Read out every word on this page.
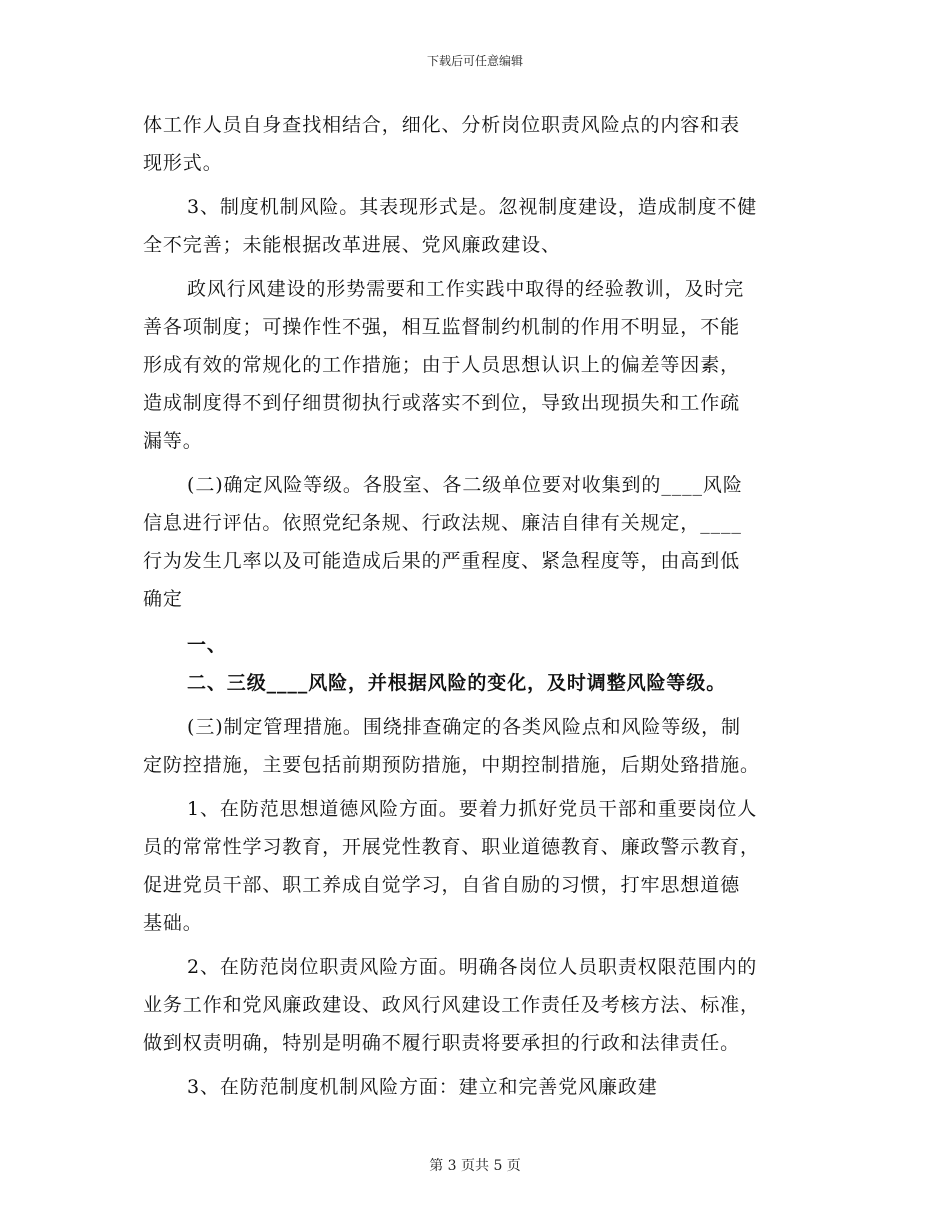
下载后可任意编辑
体工作人员自身查找相结合，细化、分析岗位职责风险点的内容和表
现形式。
3、制度机制风险。其表现形式是。忽视制度建设，造成制度不健
全不完善；未能根据改革进展、党风廉政建设、
政风行风建设的形势需要和工作实践中取得的经验教训，及时完
善各项制度；可操作性不强，相互监督制约机制的作用不明显，不能
形成有效的常规化的工作措施；由于人员思想认识上的偏差等因素，
造成制度得不到仔细贯彻执行或落实不到位，导致出现损失和工作疏
漏等。
(二)确定风险等级。各股室、各二级单位要对收集到的____风险
信息进行评估。依照党纪条规、行政法规、廉洁自律有关规定，____
行为发生几率以及可能造成后果的严重程度、紧急程度等，由高到低
确定
一、
二、三级____风险，并根据风险的变化，及时调整风险等级。
(三)制定管理措施。围绕排查确定的各类风险点和风险等级，制
定防控措施，主要包括前期预防措施，中期控制措施，后期处臵措施。
1、在防范思想道德风险方面。要着力抓好党员干部和重要岗位人
员的常常性学习教育，开展党性教育、职业道德教育、廉政警示教育，
促进党员干部、职工养成自觉学习，自省自励的习惯，打牢思想道德
基础。
2、在防范岗位职责风险方面。明确各岗位人员职责权限范围内的
业务工作和党风廉政建设、政风行风建设工作责任及考核方法、标准，
做到权责明确，特别是明确不履行职责将要承担的行政和法律责任。
3、在防范制度机制风险方面：建立和完善党风廉政建
第 3 页共 5 页
